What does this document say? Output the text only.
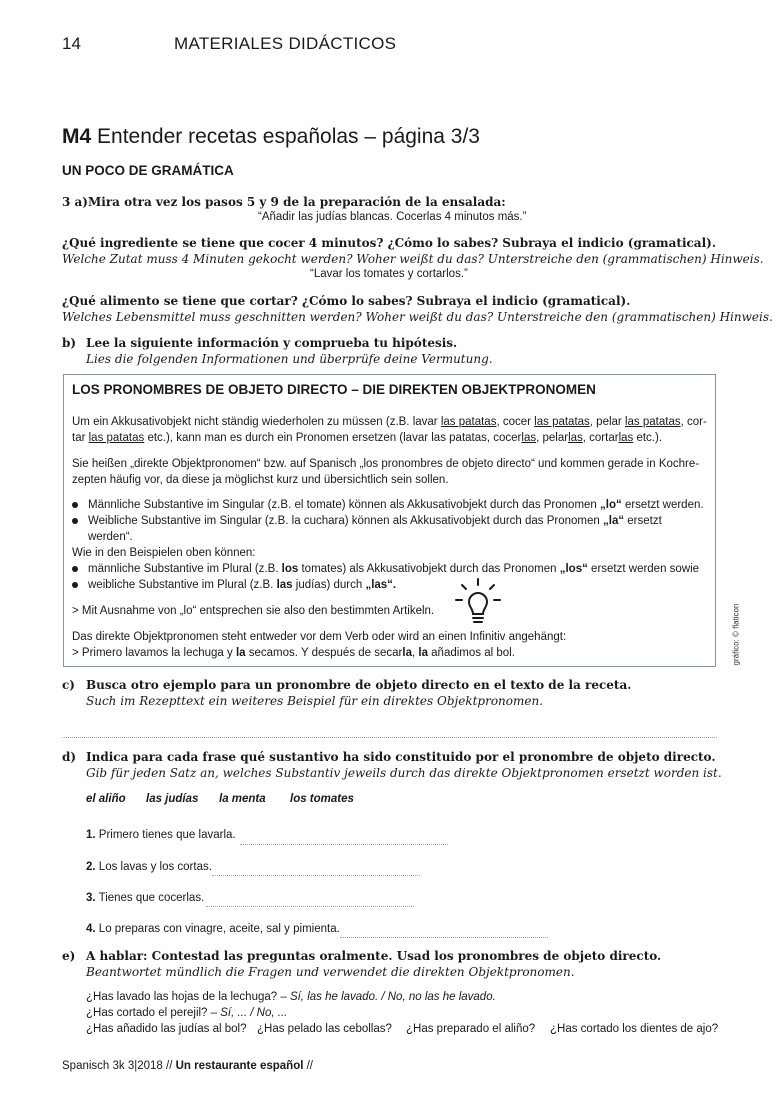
14	MATERIALES DIDÁCTICOS
M4 Entender recetas españolas – página 3/3
UN POCO DE GRAMÁTICA
3 a)Mira otra vez los pasos 5 y 9 de la preparación de la ensalada:
“Añadir las judías blancas. Cocerlas 4 minutos más.”
¿Qué ingrediente se tiene que cocer 4 minutos? ¿Cómo lo sabes? Subraya el indicio (gramatical).
Welche Zutat muss 4 Minuten gekocht werden? Woher weißt du das? Unterstreiche den (grammatischen) Hinweis.
“Lavar los tomates y cortarlos.”
¿Qué alimento se tiene que cortar? ¿Cómo lo sabes? Subraya el indicio (gramatical).
Welches Lebensmittel muss geschnitten werden? Woher weißt du das? Unterstreiche den (grammatischen) Hinweis.
b) Lee la siguiente información y comprueba tu hipótesis.
Lies die folgenden Informationen und überprüfe deine Vermutung.
LOS PRONOMBRES DE OBJETO DIRECTO – DIE DIREKTEN OBJEKTPRONOMEN
Um ein Akkusativobjekt nicht ständig wiederholen zu müssen (z.B. lavar las patatas, cocer las patatas, pelar las patatas, cor-
tar las patatas etc.), kann man es durch ein Pronomen ersetzen (lavar las patatas, cocerlas, pelarlas, cortarlas etc.).
Sie heißen „direkte Objektpronomen“ bzw. auf Spanisch „los pronombres de objeto directo“ und kommen gerade in Kochre-
zepten häufig vor, da diese ja möglichst kurz und übersichtlich sein sollen.
Männliche Substantive im Singular (z.B. el tomate) können als Akkusativobjekt durch das Pronomen „lo“ ersetzt werden.
Weibliche Substantive im Singular (z.B. la cuchara) können als Akkusativobjekt durch das Pronomen „la“ ersetzt
werden“.
Wie in den Beispielen oben können:
männliche Substantive im Plural (z.B. los tomates) als Akkusativobjekt durch das Pronomen „los“ ersetzt werden sowie
weibliche Substantive im Plural (z.B. las judías) durch „las“.
> Mit Ausnahme von „lo“ entsprechen sie also den bestimmten Artikeln.
Das direkte Objektpronomen steht entweder vor dem Verb oder wird an einen Infinitiv angehängt:
> Primero lavamos la lechuga y la secamos. Y después de secarla, la añadimos al bol.	gráfico: © flaticon
c) Busca otro ejemplo para un pronombre de objeto directo en el texto de la receta.
Such im Rezepttext ein weiteres Beispiel für ein direktes Objektpronomen.
d) Indica para cada frase qué sustantivo ha sido constituido por el pronombre de objeto directo.
Gib für jeden Satz an, welches Substantiv jeweils durch das direkte Objektpronomen ersetzt worden ist.
el aliño las judías la menta los tomates
1. Primero tienes que lavarla.
2. Los lavas y los cortas.
3. Tienes que cocerlas.
4. Lo preparas con vinagre, aceite, sal y pimienta.
e) A hablar: Contestad las preguntas oralmente. Usad los pronombres de objeto directo.
Beantwortet mündlich die Fragen und verwendet die direkten Objektpronomen.
¿Has lavado las hojas de la lechuga? – Sí, las he lavado. / No, no las he lavado.
¿Has cortado el perejil? – Sí, ... / No, ...
¿Has añadido las judías al bol? ¿Has pelado las cebollas? ¿Has preparado el aliño? ¿Has cortado los dientes de ajo?
Spanisch 3k 3|2018 // Un restaurante español //
